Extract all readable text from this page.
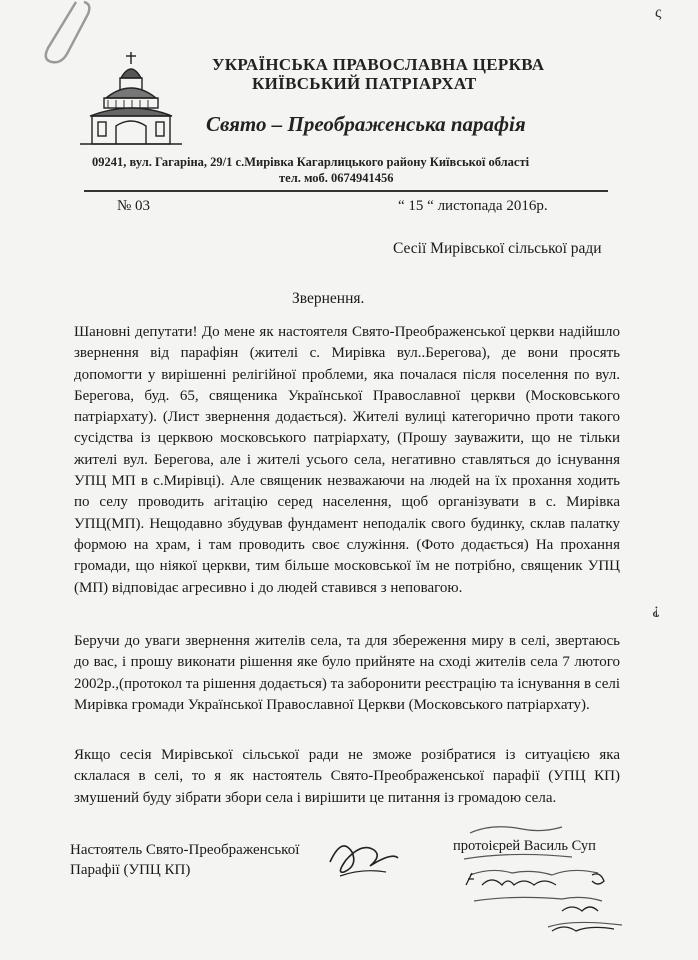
ς
УКРАЇНСЬКА ПРАВОСЛАВНА ЦЕРКВА
КИЇВСЬКИЙ ПАТРІАРХАТ
Свято – Преображенська парафія
09241, вул. Гагаріна, 29/1 с.Мирівка Кагарлицького району Київської області
тел. моб. 0674941456
№ 03	“ 15 “ листопада 2016р.
Сесії Мирівської сільської ради
Звернення.
Шановні депутати! До мене як настоятеля Свято-Преображенської церкви надійшло звернення від парафіян (жителі с. Мирівка вул..Берегова), де вони просять допомогти у вирішенні релігійної проблеми, яка почалася після поселення по вул. Берегова, буд. 65, священика Української Православної церкви (Московського патріархату). (Лист звернення додається). Жителі вулиці категорично проти такого сусідства із церквою московського патріархату, (Прошу зауважити, що не тільки жителі вул. Берегова, але і жителі усього села, негативно ставляться до існування УПЦ МП в с.Мирівці). Але священик незважаючи на людей на їх прохання ходить по селу проводить агітацію серед населення, щоб організувати в с. Мирівка УПЦ(МП). Нещодавно збудував фундамент неподалік свого будинку, склав палатку формою на храм, і там проводить своє служіння. (Фото додається) На прохання громади, що ніякої церкви, тим більше московської їм не потрібно, священик УПЦ (МП) відповідає агресивно і до людей ставився з неповагою.
⸘
Беручи до уваги звернення жителів села, та для збереження миру в селі, звертаюсь до вас, і прошу виконати рішення яке було прийняте на сході жителів села 7 лютого 2002р.,(протокол та рішення додається) та заборонити реєстрацію та існування в селі Мирівка громади Української Православної Церкви (Московського патріархату).
Якщо сесія Мирівської сільської ради не зможе розібратися із ситуацією яка склалася в селі, то я як настоятель Свято-Преображенської парафії (УПЦ КП) змушений буду зібрати збори села і вирішити це питання із громадою села.
Настоятель Свято-Преображенської
Парафії (УПЦ КП)
протоієрей Василь Суп
